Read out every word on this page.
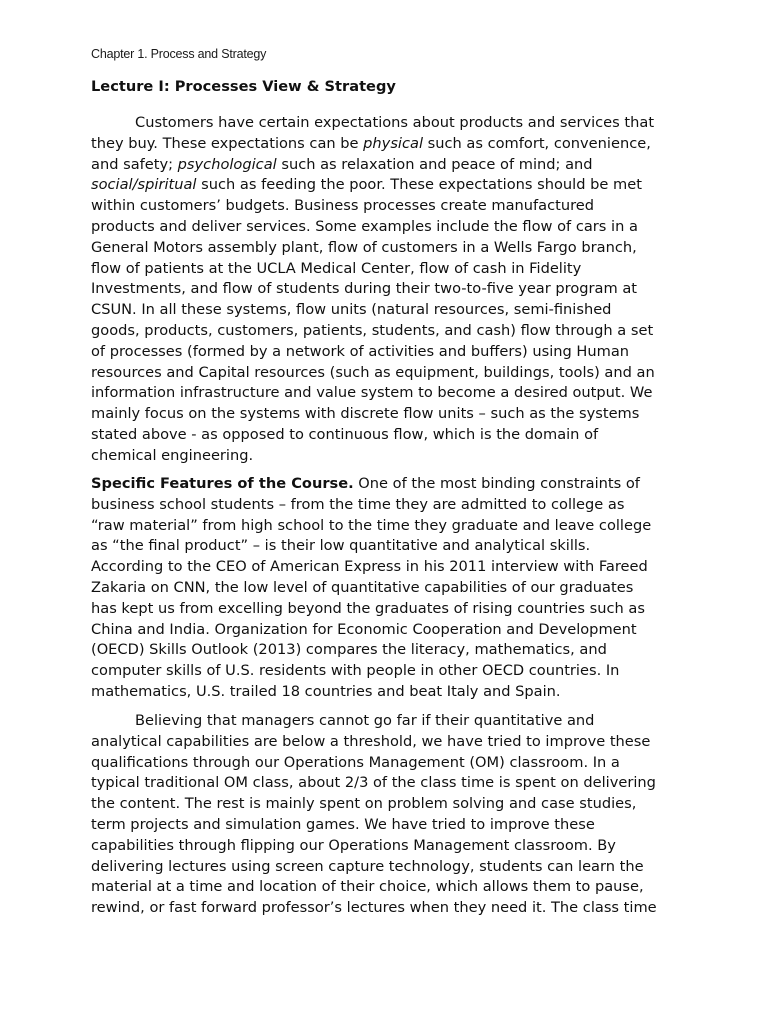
Chapter 1. Process and Strategy
Lecture I: Processes View & Strategy
Customers have certain expectations about products and services that
they buy. These expectations can be physical such as comfort, convenience,
and safety; psychological such as relaxation and peace of mind; and
social/spiritual such as feeding the poor. These expectations should be met
within customers’ budgets. Business processes create manufactured
products and deliver services. Some examples include the flow of cars in a
General Motors assembly plant, flow of customers in a Wells Fargo branch,
flow of patients at the UCLA Medical Center, flow of cash in Fidelity
Investments, and flow of students during their two-to-five year program at
CSUN. In all these systems, flow units (natural resources, semi-finished
goods, products, customers, patients, students, and cash) flow through a set
of processes (formed by a network of activities and buffers) using Human
resources and Capital resources (such as equipment, buildings, tools) and an
information infrastructure and value system to become a desired output. We
mainly focus on the systems with discrete flow units – such as the systems
stated above - as opposed to continuous flow, which is the domain of
chemical engineering.
Specific Features of the Course. One of the most binding constraints of
business school students – from the time they are admitted to college as
“raw material” from high school to the time they graduate and leave college
as “the final product” – is their low quantitative and analytical skills.
According to the CEO of American Express in his 2011 interview with Fareed
Zakaria on CNN, the low level of quantitative capabilities of our graduates
has kept us from excelling beyond the graduates of rising countries such as
China and India. Organization for Economic Cooperation and Development
(OECD) Skills Outlook (2013) compares the literacy, mathematics, and
computer skills of U.S. residents with people in other OECD countries. In
mathematics, U.S. trailed 18 countries and beat Italy and Spain.
Believing that managers cannot go far if their quantitative and
analytical capabilities are below a threshold, we have tried to improve these
qualifications through our Operations Management (OM) classroom. In a
typical traditional OM class, about 2/3 of the class time is spent on delivering
the content. The rest is mainly spent on problem solving and case studies,
term projects and simulation games. We have tried to improve these
capabilities through flipping our Operations Management classroom. By
delivering lectures using screen capture technology, students can learn the
material at a time and location of their choice, which allows them to pause,
rewind, or fast forward professor’s lectures when they need it. The class time
